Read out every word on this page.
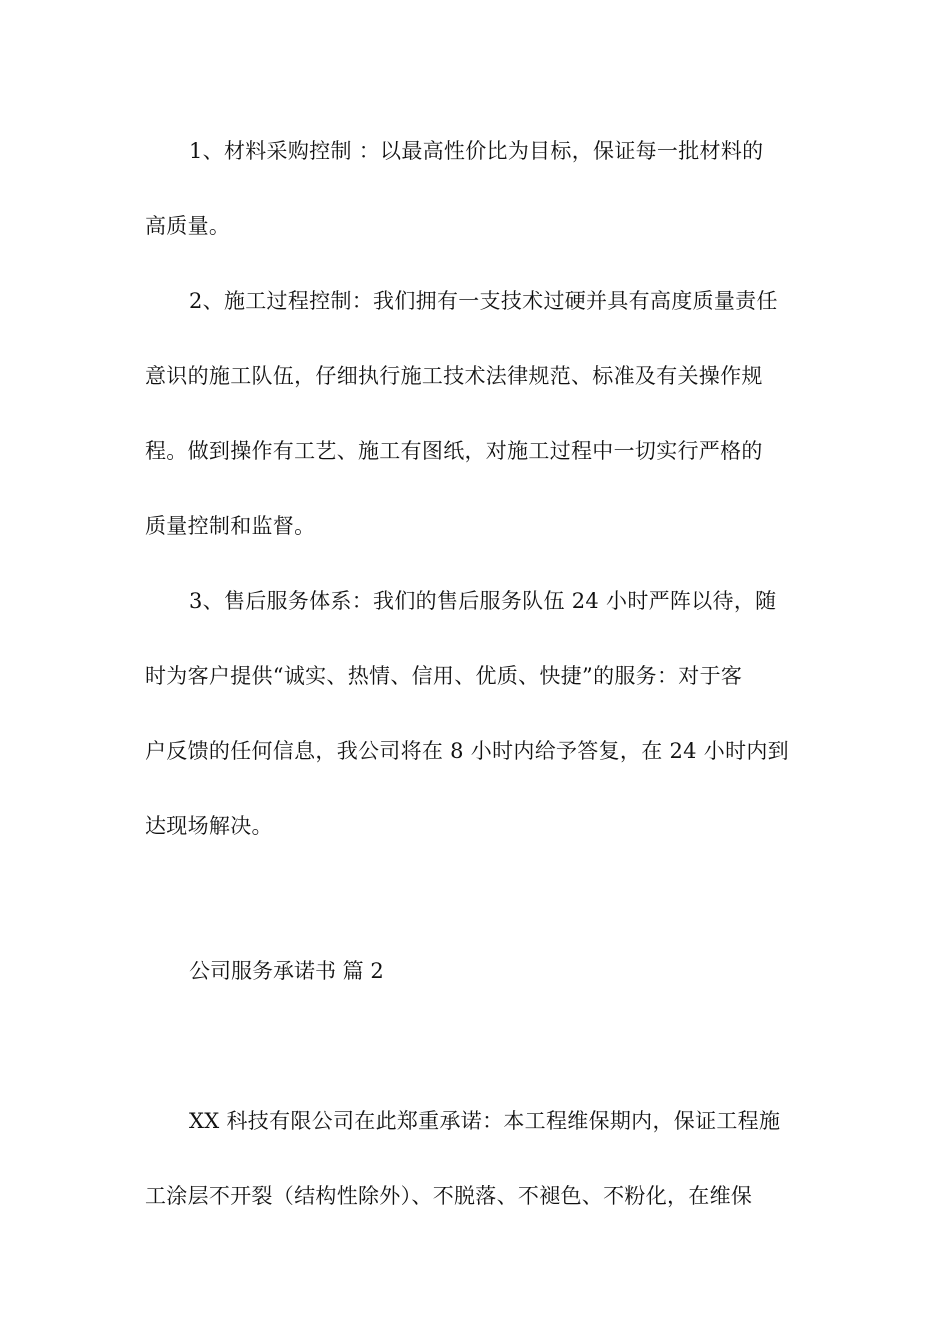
1、材料采购控制 ：以最高性价比为目标，保证每一批材料的
高质量。

2、施工过程控制：我们拥有一支技术过硬并具有高度质量责任
意识的施工队伍，仔细执行施工技术法律规范、标准及有关操作规
程。做到操作有工艺、施工有图纸，对施工过程中一切实行严格的
质量控制和监督。

3、售后服务体系：我们的售后服务队伍 24 小时严阵以待，随
时为客户提供“诚实、热情、信用、优质、快捷”的服务：对于客
户反馈的任何信息，我公司将在 8 小时内给予答复，在 24 小时内到
达现场解决。

公司服务承诺书 篇 2

XX 科技有限公司在此郑重承诺：本工程维保期内，保证工程施
工涂层不开裂（结构性除外）、不脱落、不褪色、不粉化，在维保
